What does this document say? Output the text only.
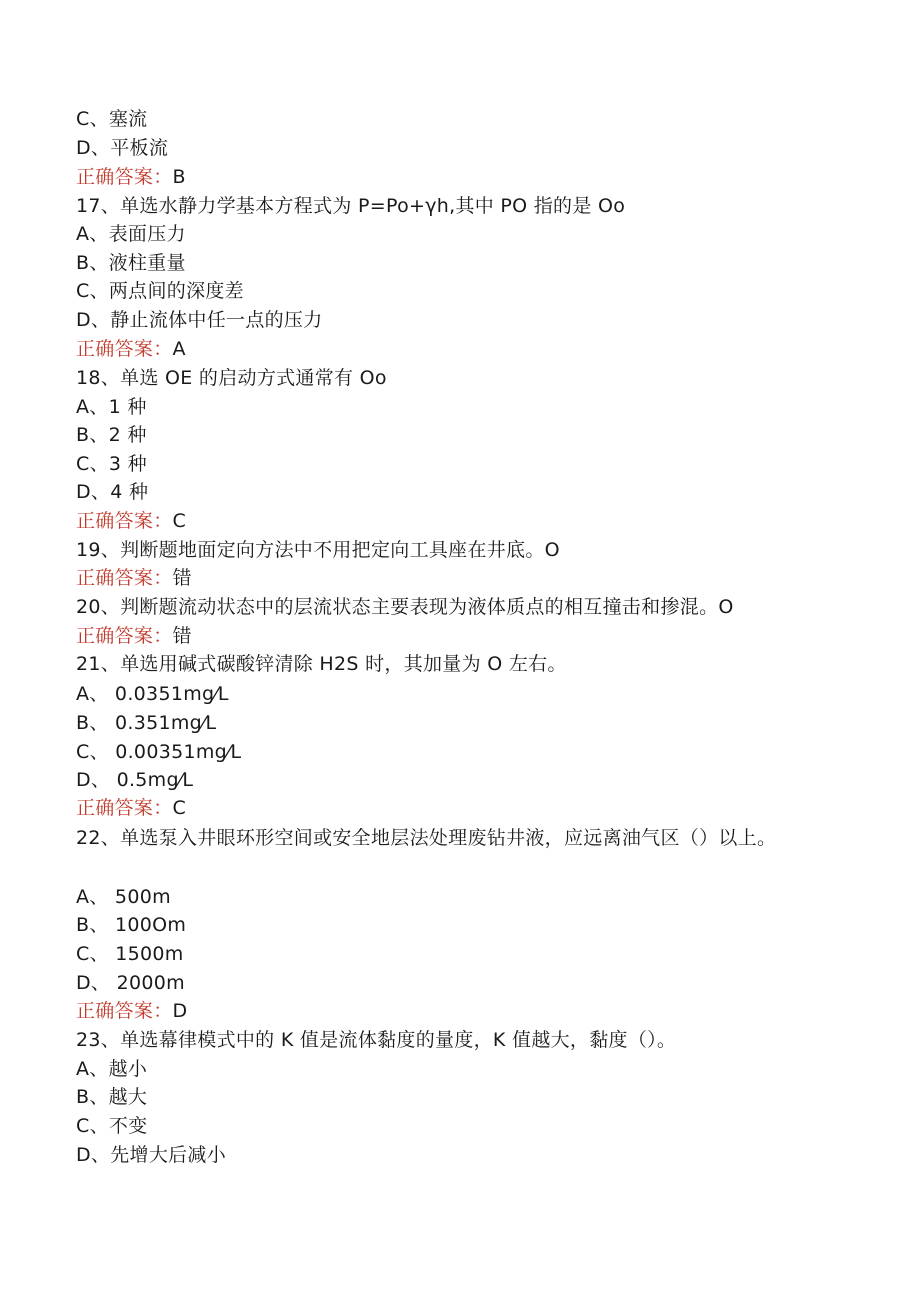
C、塞流
D、平板流
正确答案：B
17、单选水静力学基本方程式为 P=Po+γh,其中 PO 指的是 Oo
A、表面压力
B、液柱重量
C、两点间的深度差
D、静止流体中任一点的压力
正确答案：A
18、单选 OE 的启动方式通常有 Oo
A、1 种
B、2 种
C、3 种
D、4 种
正确答案：C
19、判断题地面定向方法中不用把定向工具座在井底。O
正确答案：错
20、判断题流动状态中的层流状态主要表现为液体质点的相互撞击和掺混。O
正确答案：错
21、单选用碱式碳酸锌清除 H2S 时，其加量为 O 左右。
A、 0.0351mg⁄L
B、 0.351mg⁄L
C、 0.00351mg⁄L
D、 0.5mg⁄L
正确答案：C
22、单选泵入井眼环形空间或安全地层法处理废钻井液，应远离油气区（）以上。
A、 500m
B、 100Om
C、 1500m
D、 2000m
正确答案：D
23、单选幕律模式中的 K 值是流体黏度的量度，K 值越大，黏度（）。
A、越小
B、越大
C、不变
D、先增大后减小
